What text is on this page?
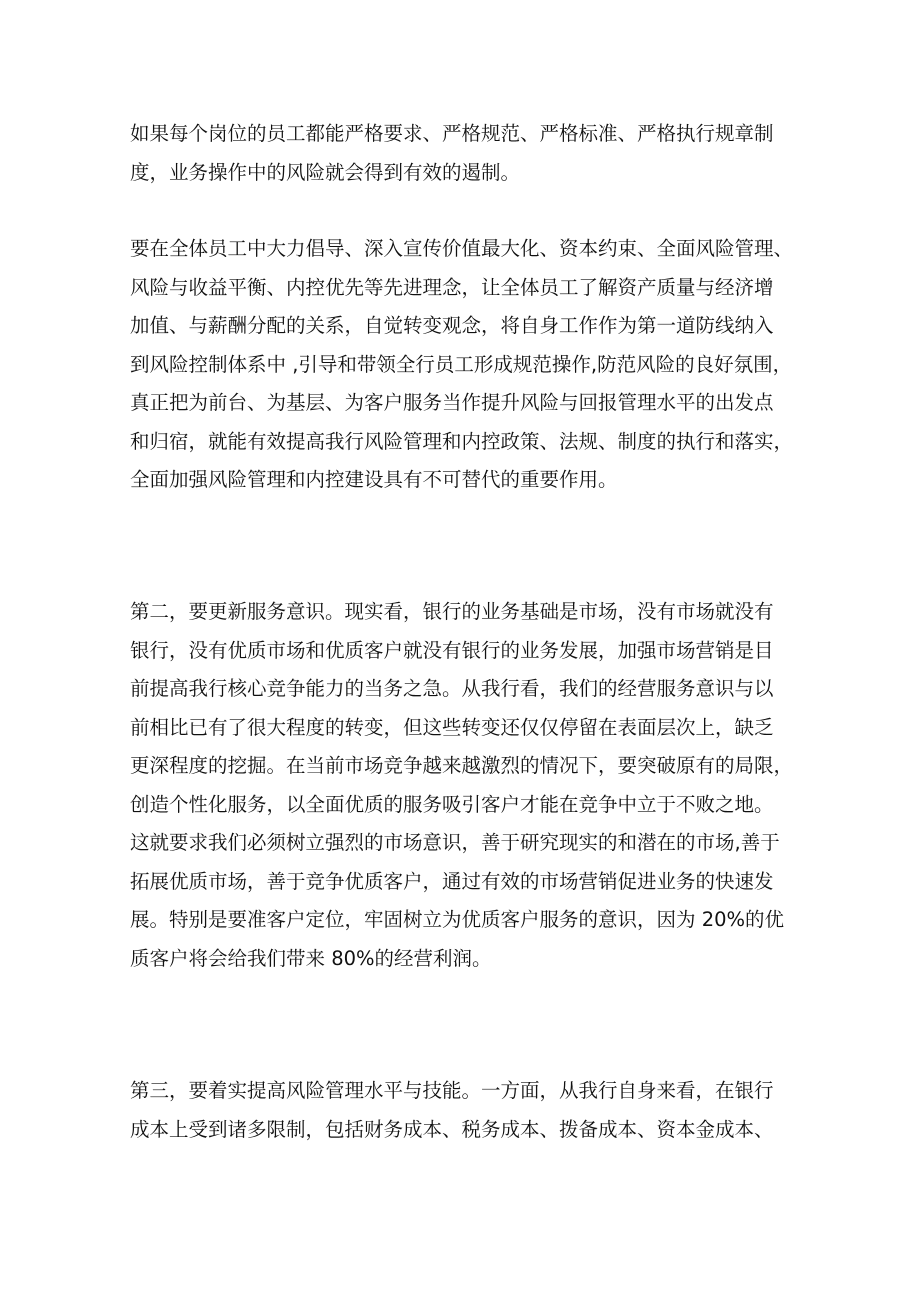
如果每个岗位的员工都能严格要求、严格规范、严格标准、严格执行规章制
度，业务操作中的风险就会得到有效的遏制。
要在全体员工中大力倡导、深入宣传价值最大化、资本约束、全面风险管理、
风险与收益平衡、内控优先等先进理念，让全体员工了解资产质量与经济增
加值、与薪酬分配的关系，自觉转变观念，将自身工作作为第一道防线纳入
到风险控制体系中 ,引导和带领全行员工形成规范操作,防范风险的良好氛围，
真正把为前台、为基层、为客户服务当作提升风险与回报管理水平的出发点
和归宿，就能有效提高我行风险管理和内控政策、法规、制度的执行和落实，
全面加强风险管理和内控建设具有不可替代的重要作用。
第二，要更新服务意识。现实看，银行的业务基础是市场，没有市场就没有
银行，没有优质市场和优质客户就没有银行的业务发展，加强市场营销是目
前提高我行核心竞争能力的当务之急。从我行看，我们的经营服务意识与以
前相比已有了很大程度的转变，但这些转变还仅仅停留在表面层次上，缺乏
更深程度的挖掘。在当前市场竞争越来越激烈的情况下，要突破原有的局限，
创造个性化服务，以全面优质的服务吸引客户才能在竞争中立于不败之地。
这就要求我们必须树立强烈的市场意识，善于研究现实的和潜在的市场,善于
拓展优质市场，善于竞争优质客户，通过有效的市场营销促进业务的快速发
展。特别是要准客户定位，牢固树立为优质客户服务的意识，因为 20%的优
质客户将会给我们带来 80%的经营利润。
第三，要着实提高风险管理水平与技能。一方面，从我行自身来看，在银行
成本上受到诸多限制，包括财务成本、税务成本、拨备成本、资本金成本、
